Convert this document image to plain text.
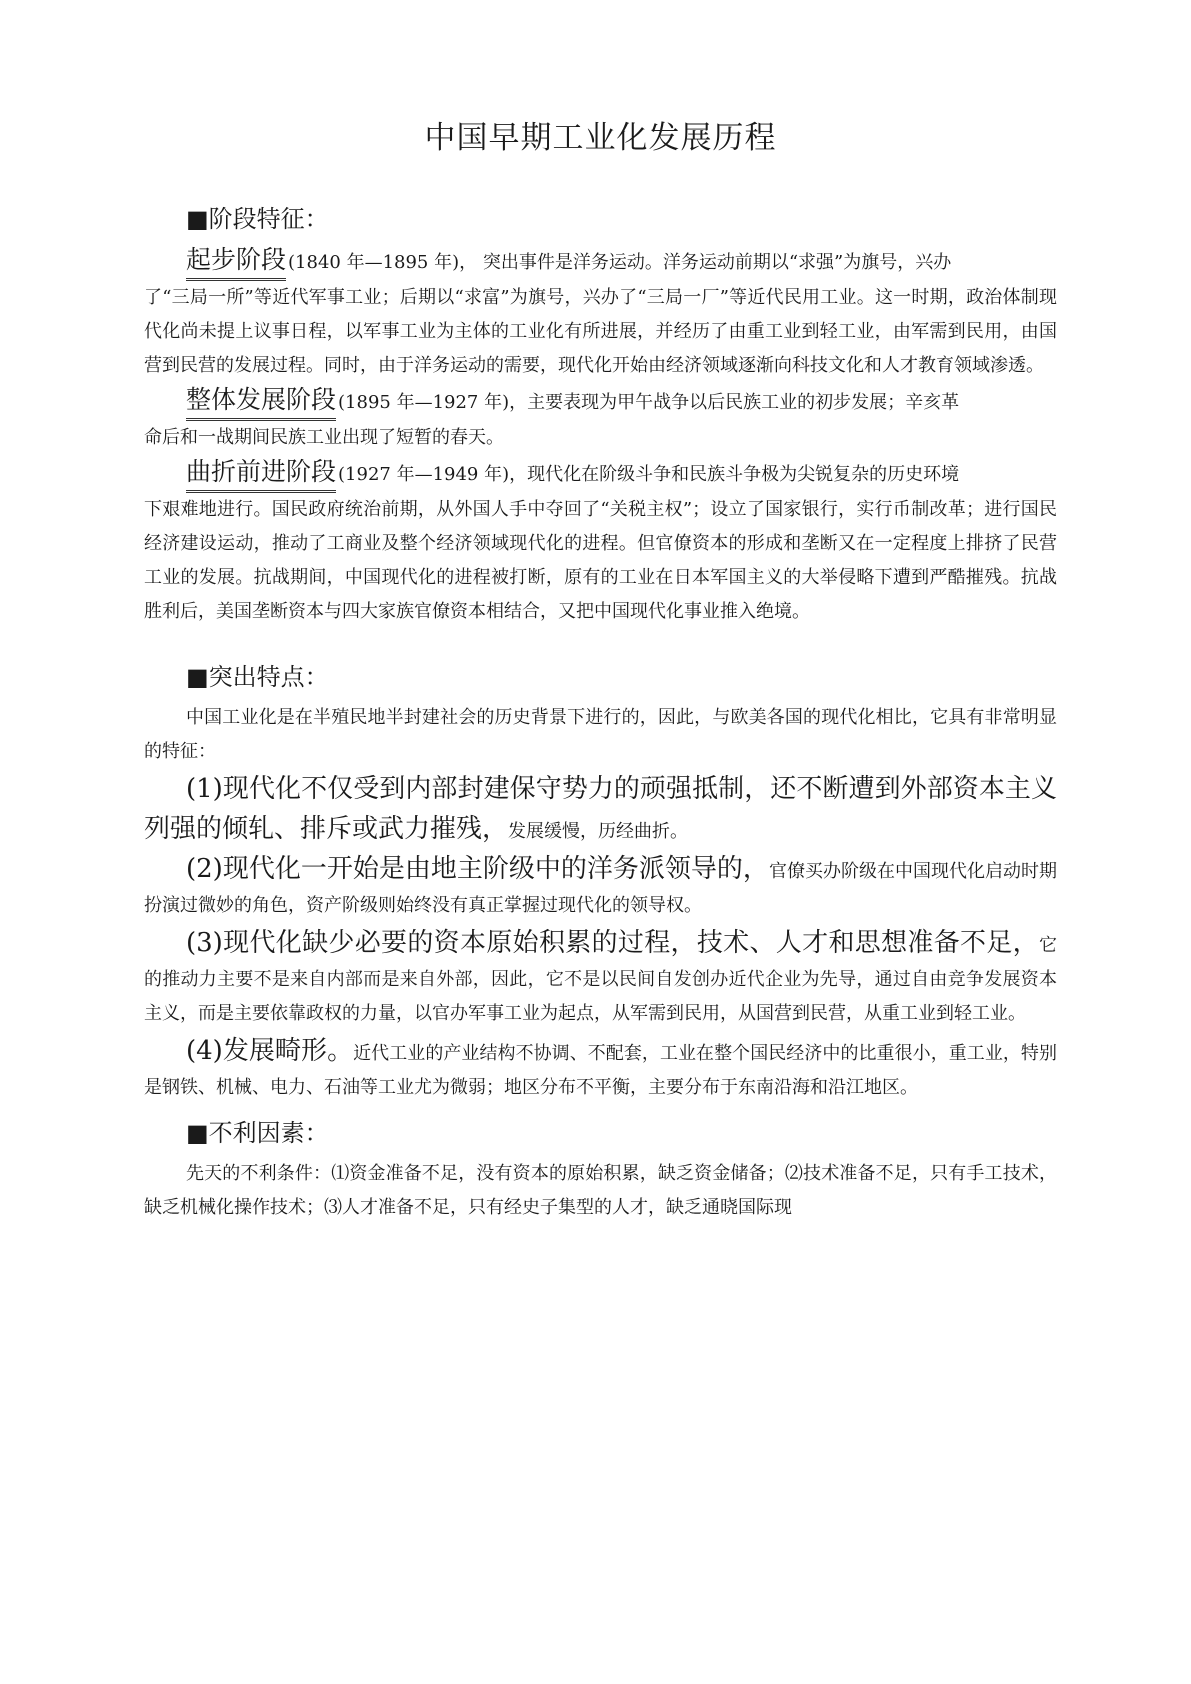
中国早期工业化发展历程
■阶段特征：
起步阶段 (1840 年—1895 年)， 突出事件是洋务运动。洋务运动前期以“求强”为旗号，兴办

了“三局一所”等近代军事工业；后期以“求富”为旗号，兴办了“三局一厂”等近代民用工业。这一时期，政治体制现代化尚未提上议事日程，以军事工业为主体的工业化有所进展，并经历了由重工业到轻工业，由军需到民用，由国营到民营的发展过程。同时，由于洋务运动的需要，现代化开始由经济领域逐渐向科技文化和人才教育领域渗透。

整体发展阶段 (1895 年—1927 年)，主要表现为甲午战争以后民族工业的初步发展；辛亥革

命后和一战期间民族工业出现了短暂的春天。

曲折前进阶段 (1927 年—1949 年)，现代化在阶级斗争和民族斗争极为尖锐复杂的历史环境

下艰难地进行。国民政府统治前期，从外国人手中夺回了“关税主权”；设立了国家银行，实行币制改革；进行国民经济建设运动，推动了工商业及整个经济领域现代化的进程。但官僚资本的形成和垄断又在一定程度上排挤了民营工业的发展。抗战期间，中国现代化的进程被打断，原有的工业在日本军国主义的大举侵略下遭到严酷摧残。抗战胜利后，美国垄断资本与四大家族官僚资本相结合，又把中国现代化事业推入绝境。

■突出特点：

中国工业化是在半殖民地半封建社会的历史背景下进行的，因此，与欧美各国的现代化相比，它具有非常明显的特征：

(1)现代化不仅受到内部封建保守势力的顽强抵制，还不断遭到外部资本主义列强的倾轧、排斥或武力摧残，发展缓慢，历经曲折。

(2)现代化一开始是由地主阶级中的洋务派领导的，官僚买办阶级在中国现代化启动时期扮演过微妙的角色，资产阶级则始终没有真正掌握过现代化的领导权。

(3)现代化缺少必要的资本原始积累的过程，技术、人才和思想准备不足，它的推动力主要不是来自内部而是来自外部，因此，它不是以民间自发创办近代企业为先导，通过自由竞争发展资本主义，而是主要依靠政权的力量，以官办军事工业为起点，从军需到民用，从国营到民营，从重工业到轻工业。

(4)发展畸形。近代工业的产业结构不协调、不配套，工业在整个国民经济中的比重很小，重工业，特别是钢铁、机械、电力、石油等工业尤为微弱；地区分布不平衡，主要分布于东南沿海和沿江地区。

■不利因素：

先天的不利条件：⑴资金准备不足，没有资本的原始积累，缺乏资金储备；⑵技术准备不足，只有手工技术，缺乏机械化操作技术；⑶人才准备不足，只有经史子集型的人才，缺乏通晓国际现
